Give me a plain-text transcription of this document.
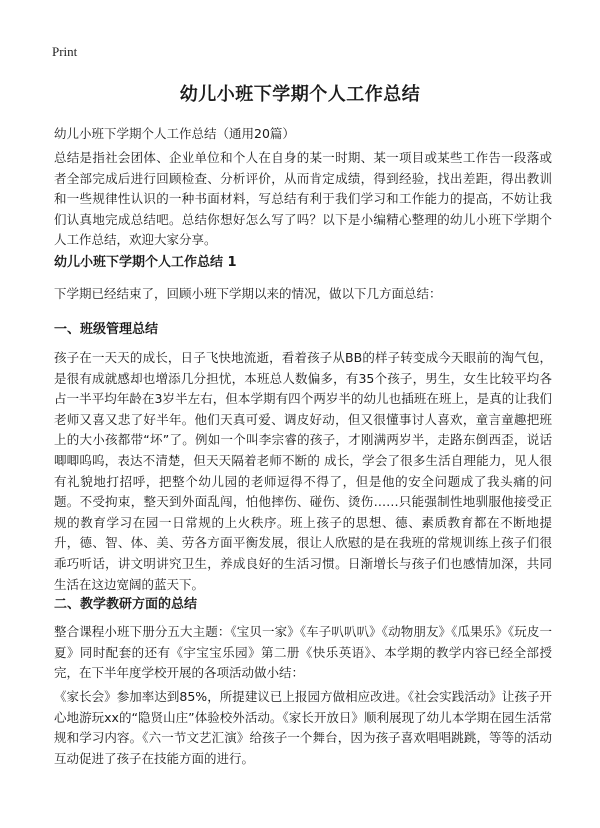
Print
幼儿小班下学期个人工作总结

幼儿小班下学期个人工作总结（通用20篇）

总结是指社会团体、企业单位和个人在自身的某一时期、某一项目或某些工作告一段落或者全部完成后进行回顾检查、分析评价，从而肯定成绩，得到经验，找出差距，得出教训和一些规律性认识的一种书面材料，写总结有利于我们学习和工作能力的提高，不妨让我们认真地完成总结吧。总结你想好怎么写了吗？以下是小编精心整理的幼儿小班下学期个人工作总结，欢迎大家分享。

幼儿小班下学期个人工作总结 1

下学期已经结束了，回顾小班下学期以来的情况，做以下几方面总结：

一、班级管理总结

孩子在一天天的成长，日子飞快地流逝，看着孩子从BB的样子转变成今天眼前的淘气包，是很有成就感却也增添几分担忧，本班总人数偏多，有35个孩子，男生，女生比较平均各占一半平均年龄在3岁半左右，但本学期有四个两岁半的幼儿也插班在班上，是真的让我们老师又喜又悲了好半年。他们天真可爱、调皮好动，但又很懂事讨人喜欢，童言童趣把班上的大小孩都带“坏”了。例如一个叫李宗睿的孩子，才刚满两岁半，走路东倒西歪，说话唧唧呜呜，表达不清楚，但天天隔着老师不断的 成长，学会了很多生活自理能力，见人很有礼貌地打招呼，把整个幼儿园的老师逗得不得了，但是他的安全问题成了我头痛的问题。不受拘束，整天到外面乱闯，怕他摔伤、碰伤、烫伤……只能强制性地驯服他接受正规的教育学习在园一日常规的上火秩序。班上孩子的思想、德、素质教育都在不断地提升，德、智、体、美、劳各方面平衡发展，很让人欣慰的是在我班的常规训练上孩子们很乖巧听话，讲文明讲究卫生，养成良好的生活习惯。日渐增长与孩子们也感情加深，共同生活在这边宽阔的蓝天下。

二、教学教研方面的总结

整合课程小班下册分五大主题：《宝贝一家》《车子叭叭叭》《动物朋友》《瓜果乐》《玩皮一夏》同时配套的还有《宇宝宝乐园》第二册《快乐英语》、本学期的教学内容已经全部授完，在下半年度学校开展的各项活动做小结：

《家长会》参加率达到85%，所提建议已上报园方做相应改进。《社会实践活动》让孩子开心地游玩xx的“隐贤山庄”体验校外活动。《家长开放日》顺利展现了幼儿本学期在园生活常规和学习内容。《六一节文艺汇演》给孩子一个舞台，因为孩子喜欢唱唱跳跳，等等的活动互动促进了孩子在技能方面的进行。
